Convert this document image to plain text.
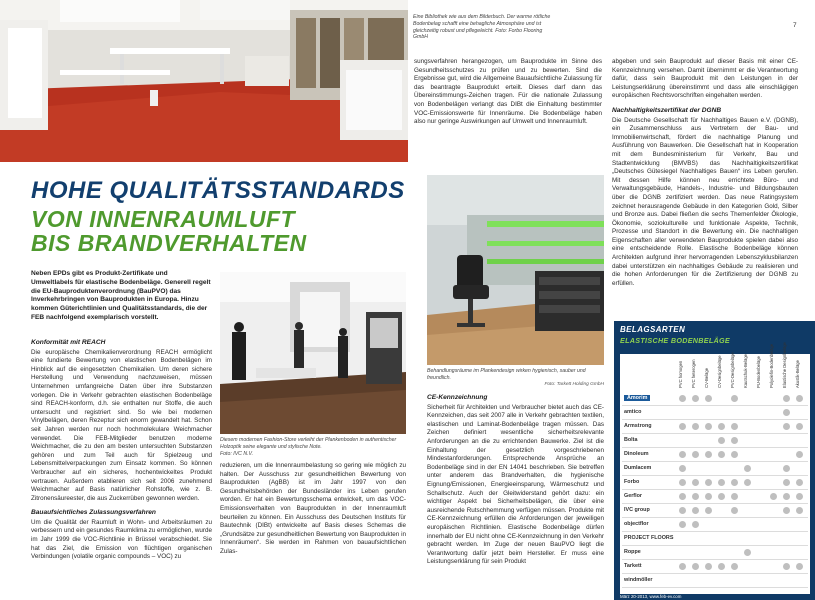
Eine Bibliothek wie aus dem Bilderbuch. Der warme rötliche Bodenbelag schafft eine behagliche Atmosphäre und ist gleichzeitig robust und pflegeleicht. Foto: Forbo Flooring GmbH
7
HOHE QUALITÄTSSTANDARDS
VON INNENRAUMLUFT
BIS BRANDVERHALTEN
Neben EPDs gibt es Produkt-Zertifikate und Umweltlabels für elastische Bodenbeläge. Generell regelt die EU-Bauproduktenverordnung (BauPVO) das Inverkehrbringen von Bauprodukten in Europa. Hinzu kommen Güterichtlinien und Qualitätsstandards, die der FEB nachfolgend exemplarisch vorstellt.
Konformität mit REACH

Die europäische Chemikalienverordnung REACH ermöglicht eine fundierte Bewertung von elastischen Bodenbelägen im Hinblick auf die eingesetzten Chemikalien. Um deren sichere Herstellung und Verwendung nachzuweisen, müssen Unternehmen umfangreiche Daten über ihre Substanzen vorlegen. Die in Verkehr gebrachten elastischen Bodenbeläge sind REACH-konform, d.h. sie enthalten nur Stoffe, die auch untersucht und registriert sind. So wie bei modernen Vinylbelägen, deren Rezeptur sich enorm gewandelt hat. Schon seit Jahren werden nur noch hochmolekulare Weichmacher verwendet. Die FEB-Mitglieder benutzen moderne Weichmacher, die zu den am besten untersuchten Substanzen gehören und zum Teil auch für Spielzeug und Lebensmittelverpackungen zum Einsatz kommen. So können Verbraucher auf ein sicheres, hochentwickeltes Produkt vertrauen. Außerdem etablieren sich seit 2006 zunehmend Weichmacher auf Basis natürlicher Rohstoffe, wie z. B. Zitronensäureester, die aus Zuckerrüben gewonnen werden.

Bauaufsichtliches Zulassungsverfahren

Um die Qualität der Raumluft in Wohn- und Arbeitsräumen zu verbessern und ein gesundes Raumklima zu ermöglichen, wurde im Jahr 1999 die VOC-Richtlinie in Brüssel verabschiedet. Sie hat das Ziel, die Emission von flüchtigen organischen Verbindungen (volatile organic compounds – VOC) zu

Diesem modernen Fashion-Store verleiht der Plankenboden in authentischer Holzoptik seine elegante und stylische Note.
Foto: IVC N.V.
reduzieren, um die Innenraumbelastung so gering wie möglich zu halten. Der Ausschuss zur gesundheitlichen Bewertung von Bauprodukten (AgBB) ist im Jahr 1997 von den Gesundheitsbehörden der Bundesländer ins Leben gerufen worden. Er hat ein Bewertungsschema entwickelt, um das VOC-Emissionsverhalten von Bauprodukten in der Innenraumluft beurteilen zu können. Ein Ausschuss des Deutschen Instituts für Bautechnik (DIBt) entwickelte auf Basis dieses Schemas die „Grundsätze zur gesundheitlichen Bewertung von Bauprodukten in Innenräumen“. Sie werden im Rahmen von bauaufsichtlichen Zulas-
sungsverfahren herangezogen, um Bauprodukte im Sinne des Gesundheitsschutzes zu prüfen und zu bewerten. Sind die Ergebnisse gut, wird die Allgemeine Bauaufsichtliche Zulassung für das beantragte Bauprodukt erteilt. Dieses darf dann das Übereinstimmungs-Zeichen tragen. Für die nationale Zulassung von Bodenbelägen verlangt das DIBt die Einhaltung bestimmter VOC-Emissionswerte für Innenräume. Die Bodenbeläge haben also nur geringe Auswirkungen auf Umwelt und Innenraumluft.
Behandlungsräume im Plankendesign wirken hygienisch, sauber und freundlich.
Foto: Tarkett Holding GmbH
CE-Kennzeichnung

Sicherheit für Architekten und Verbraucher bietet auch das CE-Kennzeichen, das seit 2007 alle in Verkehr gebrachten textilen, elastischen und Laminat-Bodenbeläge tragen müssen. Das Zeichen definiert wesentliche sicherheitsrelevante Anforderungen an die zu errichtenden Bauwerke. Ziel ist die Einhaltung der gesetzlich vorgeschriebenen Mindestanforderungen. Entsprechende Ansprüche an Bodenbeläge sind in der EN 14041 beschrieben. Sie betreffen unter anderem das Brandverhalten, die hygienische Eignung/Emissionen, Energieeinsparung, Wärmeschutz und Schallschutz. Auch der Gleitwiderstand gehört dazu: ein wichtiger Aspekt bei Sicherheitsbelägen, die über eine ausreichende Rutschhemmung verfügen müssen. Produkte mit CE-Kennzeichnung erfüllen die Anforderungen der jeweiligen europäischen Richtlinien. Elastische Bodenbeläge dürfen innerhalb der EU nicht ohne CE-Kennzeichnung in den Verkehr gebracht werden. Im Zuge der neuen BauPVO liegt die Verantwortung dafür jetzt beim Hersteller. Er muss eine Leistungserklärung für sein Produkt

abgeben und sein Bauprodukt auf dieser Basis mit einer CE-Kennzeichnung versehen. Damit übernimmt er die Verantwortung dafür, dass sein Bauprodukt mit den Leistungen in der Leistungserklärung übereinstimmt und dass alle einschlägigen europäischen Rechtsvorschriften eingehalten werden.

Nachhaltigkeitszertifikat der DGNB

Die Deutsche Gesellschaft für Nachhaltiges Bauen e.V. (DGNB), ein Zusammenschluss aus Vertretern der Bau- und Immobilienwirtschaft, fördert die nachhaltige Planung und Ausführung von Bauwerken. Die Gesellschaft hat in Kooperation mit dem Bundesministerium für Verkehr, Bau und Stadtentwicklung (BMVBS) das Nachhaltigkeitszertifikat „Deutsches Gütesiegel Nachhaltiges Bauen“ ins Leben gerufen. Mit dessen Hilfe können neu errichtete Büro- und Verwaltungsgebäude, Handels-, Industrie- und Bildungsbauten über die DGNB zertifiziert werden. Das neue Ratingsystem zeichnet herausragende Gebäude in den Kategorien Gold, Silber und Bronze aus. Dabei fließen die sechs Themenfelder Ökologie, Ökonomie, soziokulturelle und funktionale Aspekte, Technik, Prozesse und Standort in die Bewertung ein. Die nachhaltigen Eigenschaften aller verwendeten Bauprodukte spielen dabei also eine entscheidende Rolle. Elastische Bodenbeläge können Architekten aufgrund ihrer hervorragenden Lebenszyklusbilanzen dabei unterstützen ein nachhaltiges Gebäude zu realisieren und die hohen Anforderungen für die Zertifizierung der DGNB zu erfüllen.

BELAGSARTEN
ELASTISCHE BODENBELÄGE
PVC homogen PVC heterogen CV-Beläge CV-Designbeläge PVC-Designbeläge Kautschuk-Beläge PU-Bodenbeläge Polyolefin-Bodenbeläge Elastische Designbeläge Akustik-Beläge
Amorim
amtico
Armstrong
Bolta
Dinoleum
Dumlacem
Forbo
Gerflor
IVC group
objectflor
PROJECT FLOORS
Roppe
Tarkett
windmöller
März 20-2013, www.feb-ev.com
